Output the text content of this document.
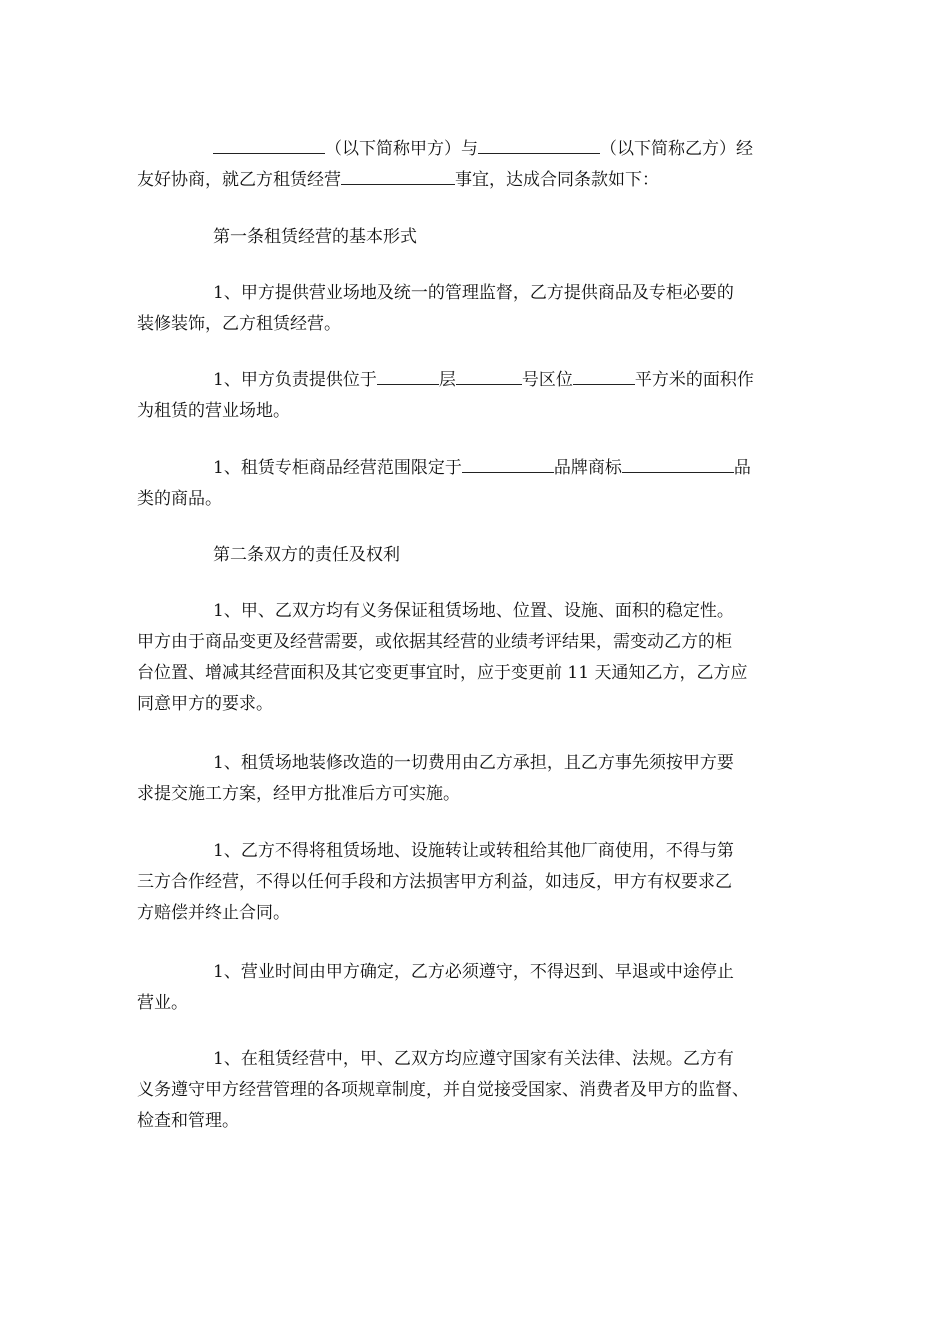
（以下简称甲方）与	（以下简称乙方）经
友好协商，就乙方租赁经营	事宜，达成合同条款如下：
第一条租赁经营的基本形式
1、甲方提供营业场地及统一的管理监督，乙方提供商品及专柜必要的
装修装饰，乙方租赁经营。
1、甲方负责提供位于	层	号区位	平方米的面积作
为租赁的营业场地。
1、租赁专柜商品经营范围限定于	品牌商标	品
类的商品。
第二条双方的责任及权利
1、甲、乙双方均有义务保证租赁场地、位置、设施、面积的稳定性。
甲方由于商品变更及经营需要，或依据其经营的业绩考评结果，需变动乙方的柜
台位置、增减其经营面积及其它变更事宜时，应于变更前 11 天通知乙方，乙方应
同意甲方的要求。
1、租赁场地装修改造的一切费用由乙方承担，且乙方事先须按甲方要
求提交施工方案，经甲方批准后方可实施。
1、乙方不得将租赁场地、设施转让或转租给其他厂商使用，不得与第
三方合作经营，不得以任何手段和方法损害甲方利益，如违反，甲方有权要求乙
方赔偿并终止合同。
1、营业时间由甲方确定，乙方必须遵守，不得迟到、早退或中途停止
营业。
1、在租赁经营中，甲、乙双方均应遵守国家有关法律、法规。乙方有
义务遵守甲方经营管理的各项规章制度，并自觉接受国家、消费者及甲方的监督、
检查和管理。
